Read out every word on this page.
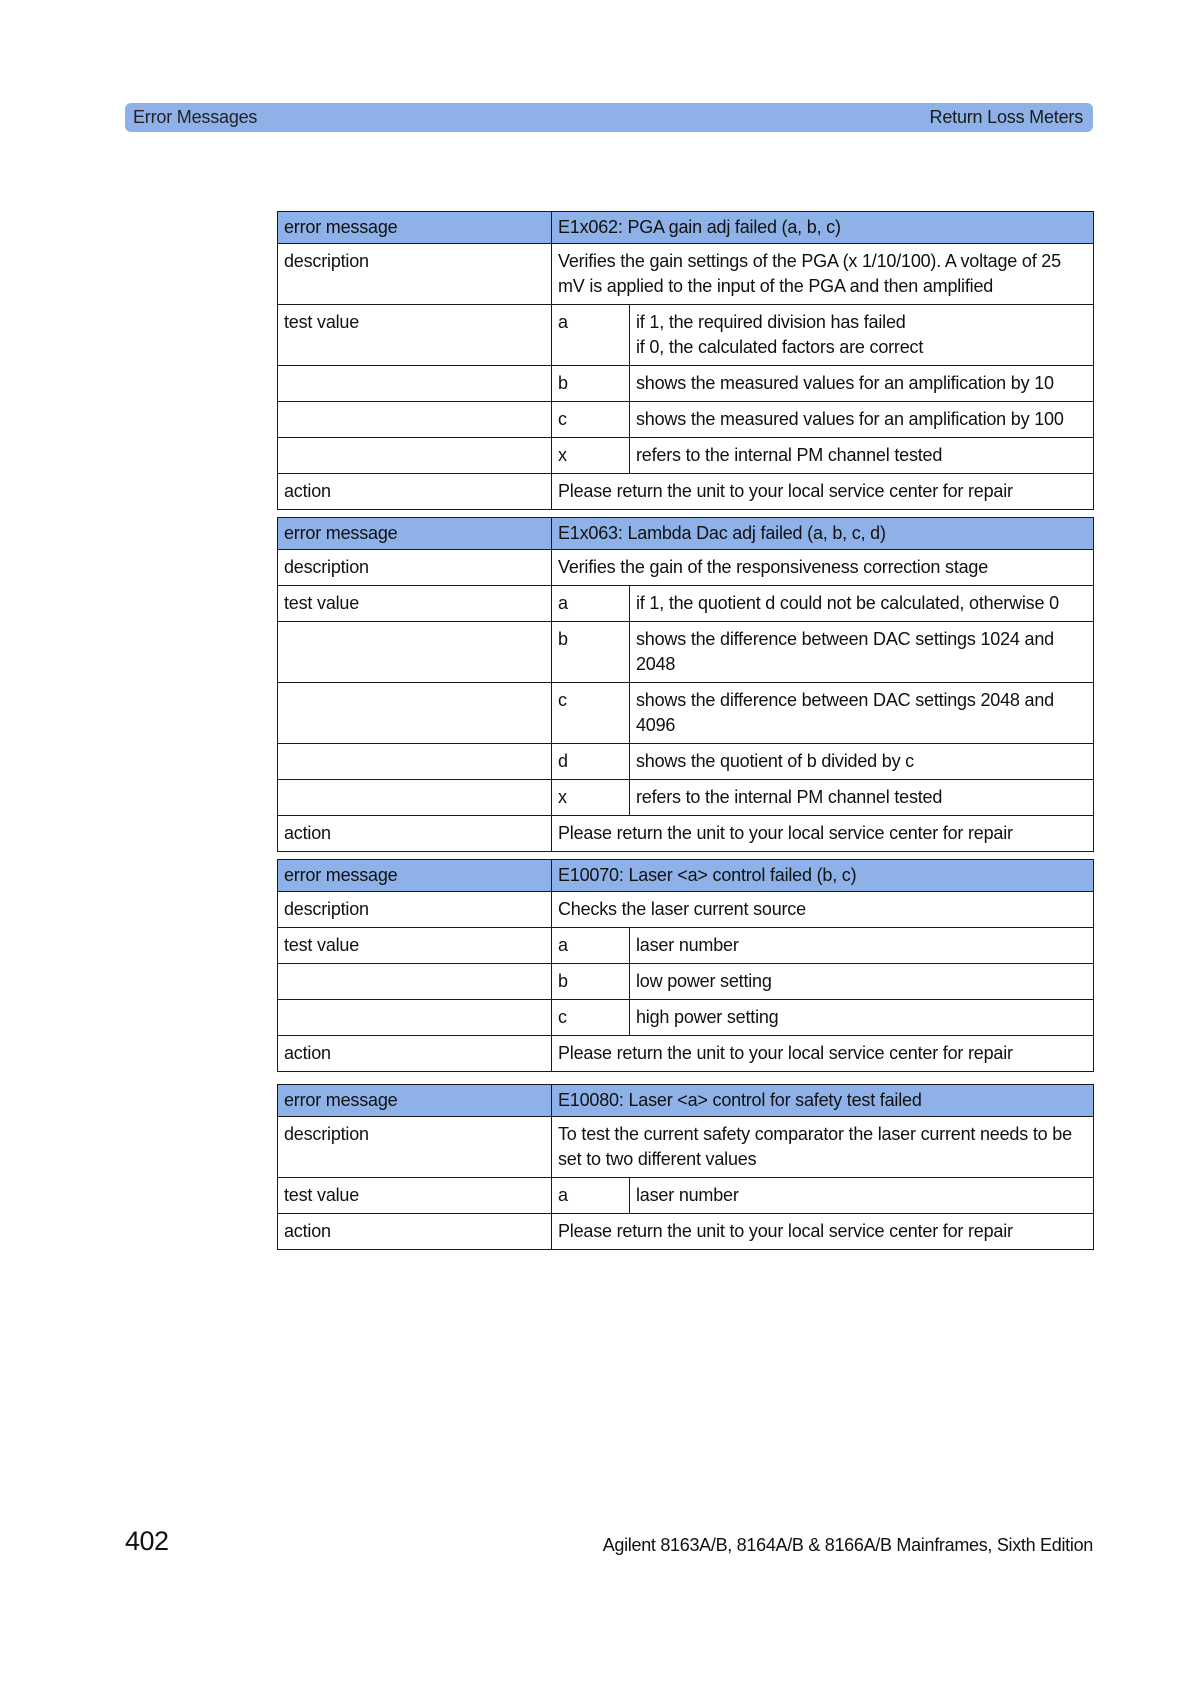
Error Messages	Return Loss Meters
error message	E1x062: PGA gain adj failed (a, b, c)	
description	Verifies the gain settings of the PGA (x 1/10/100). A voltage of 25 mV is applied to the input of the PGA and then amplified	
test value	a	if 1, the required division has failed
if 0, the calculated factors are correct

	b	shows the measured values for an amplification by 10
	c	shows the measured values for an amplification by 100
	x	refers to the internal PM channel tested
action	Please return the unit to your local service center for repair	
error message	E1x063: Lambda Dac adj failed (a, b, c, d)	
description	Verifies the gain of the responsiveness correction stage	
test value	a	if 1, the quotient d could not be calculated, otherwise 0
	b	shows the difference between DAC settings 1024 and 2048
	c	shows the difference between DAC settings 2048 and 4096
	d	shows the quotient of b divided by c
	x	refers to the internal PM channel tested
action	Please return the unit to your local service center for repair	
error message	E10070: Laser <a> control failed (b, c)	
description	Checks the laser current source	
test value	a	laser number
	b	low power setting
	c	high power setting
action	Please return the unit to your local service center for repair	
error message	E10080: Laser <a> control for safety test failed	
description	To test the current safety comparator the laser current needs to be set to two different values	
test value	a	laser number
action	Please return the unit to your local service center for repair	
402	Agilent 8163A/B, 8164A/B & 8166A/B Mainframes, Sixth Edition
